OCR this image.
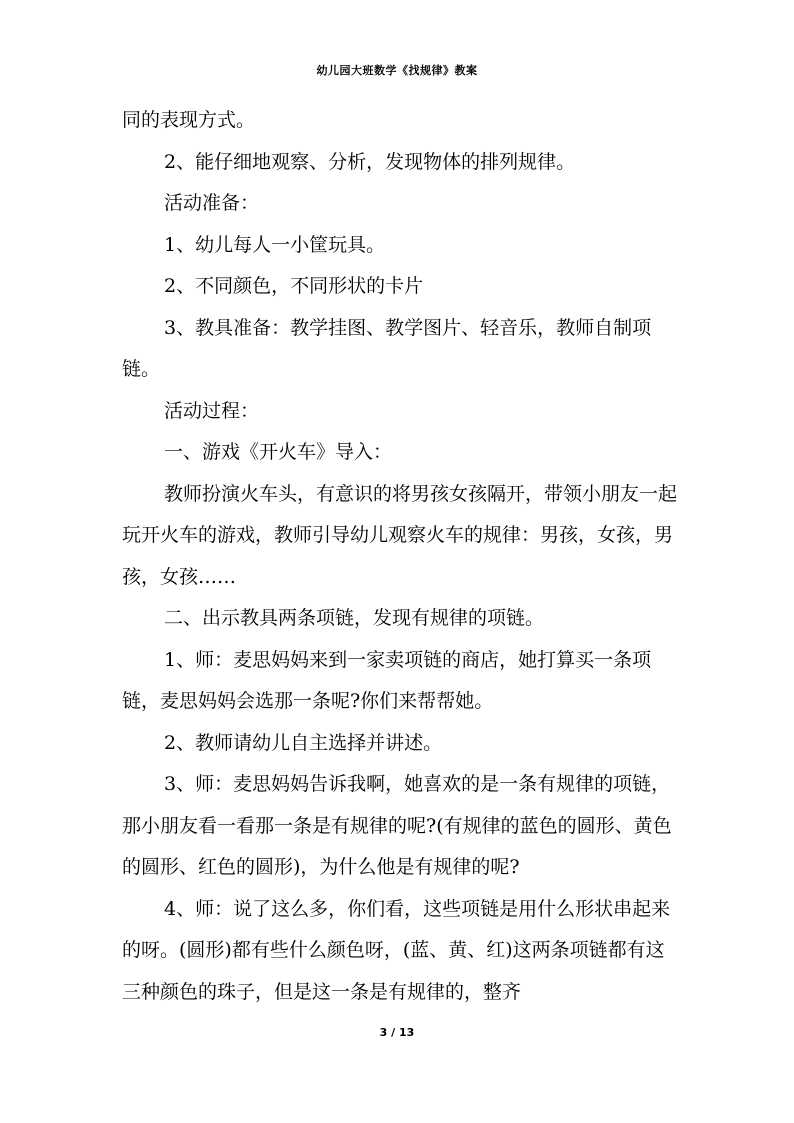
幼儿园大班数学《找规律》教案

同的表现方式。

2、能仔细地观察、分析，发现物体的排列规律。

活动准备：

1、幼儿每人一小筐玩具。

2、不同颜色，不同形状的卡片

3、教具准备：教学挂图、教学图片、轻音乐，教师自制项链。

活动过程：

一、游戏《开火车》导入：

教师扮演火车头，有意识的将男孩女孩隔开，带领小朋友一起玩开火车的游戏，教师引导幼儿观察火车的规律：男孩，女孩，男孩，女孩……

二、出示教具两条项链，发现有规律的项链。

1、师：麦思妈妈来到一家卖项链的商店，她打算买一条项链，麦思妈妈会选那一条呢?你们来帮帮她。

2、教师请幼儿自主选择并讲述。

3、师：麦思妈妈告诉我啊，她喜欢的是一条有规律的项链，那小朋友看一看那一条是有规律的呢?(有规律的蓝色的圆形、黄色的圆形、红色的圆形)，为什么他是有规律的呢?

4、师：说了这么多，你们看，这些项链是用什么形状串起来的呀。(圆形)都有些什么颜色呀，(蓝、黄、红)这两条项链都有这三种颜色的珠子，但是这一条是有规律的，整齐

3 / 13
